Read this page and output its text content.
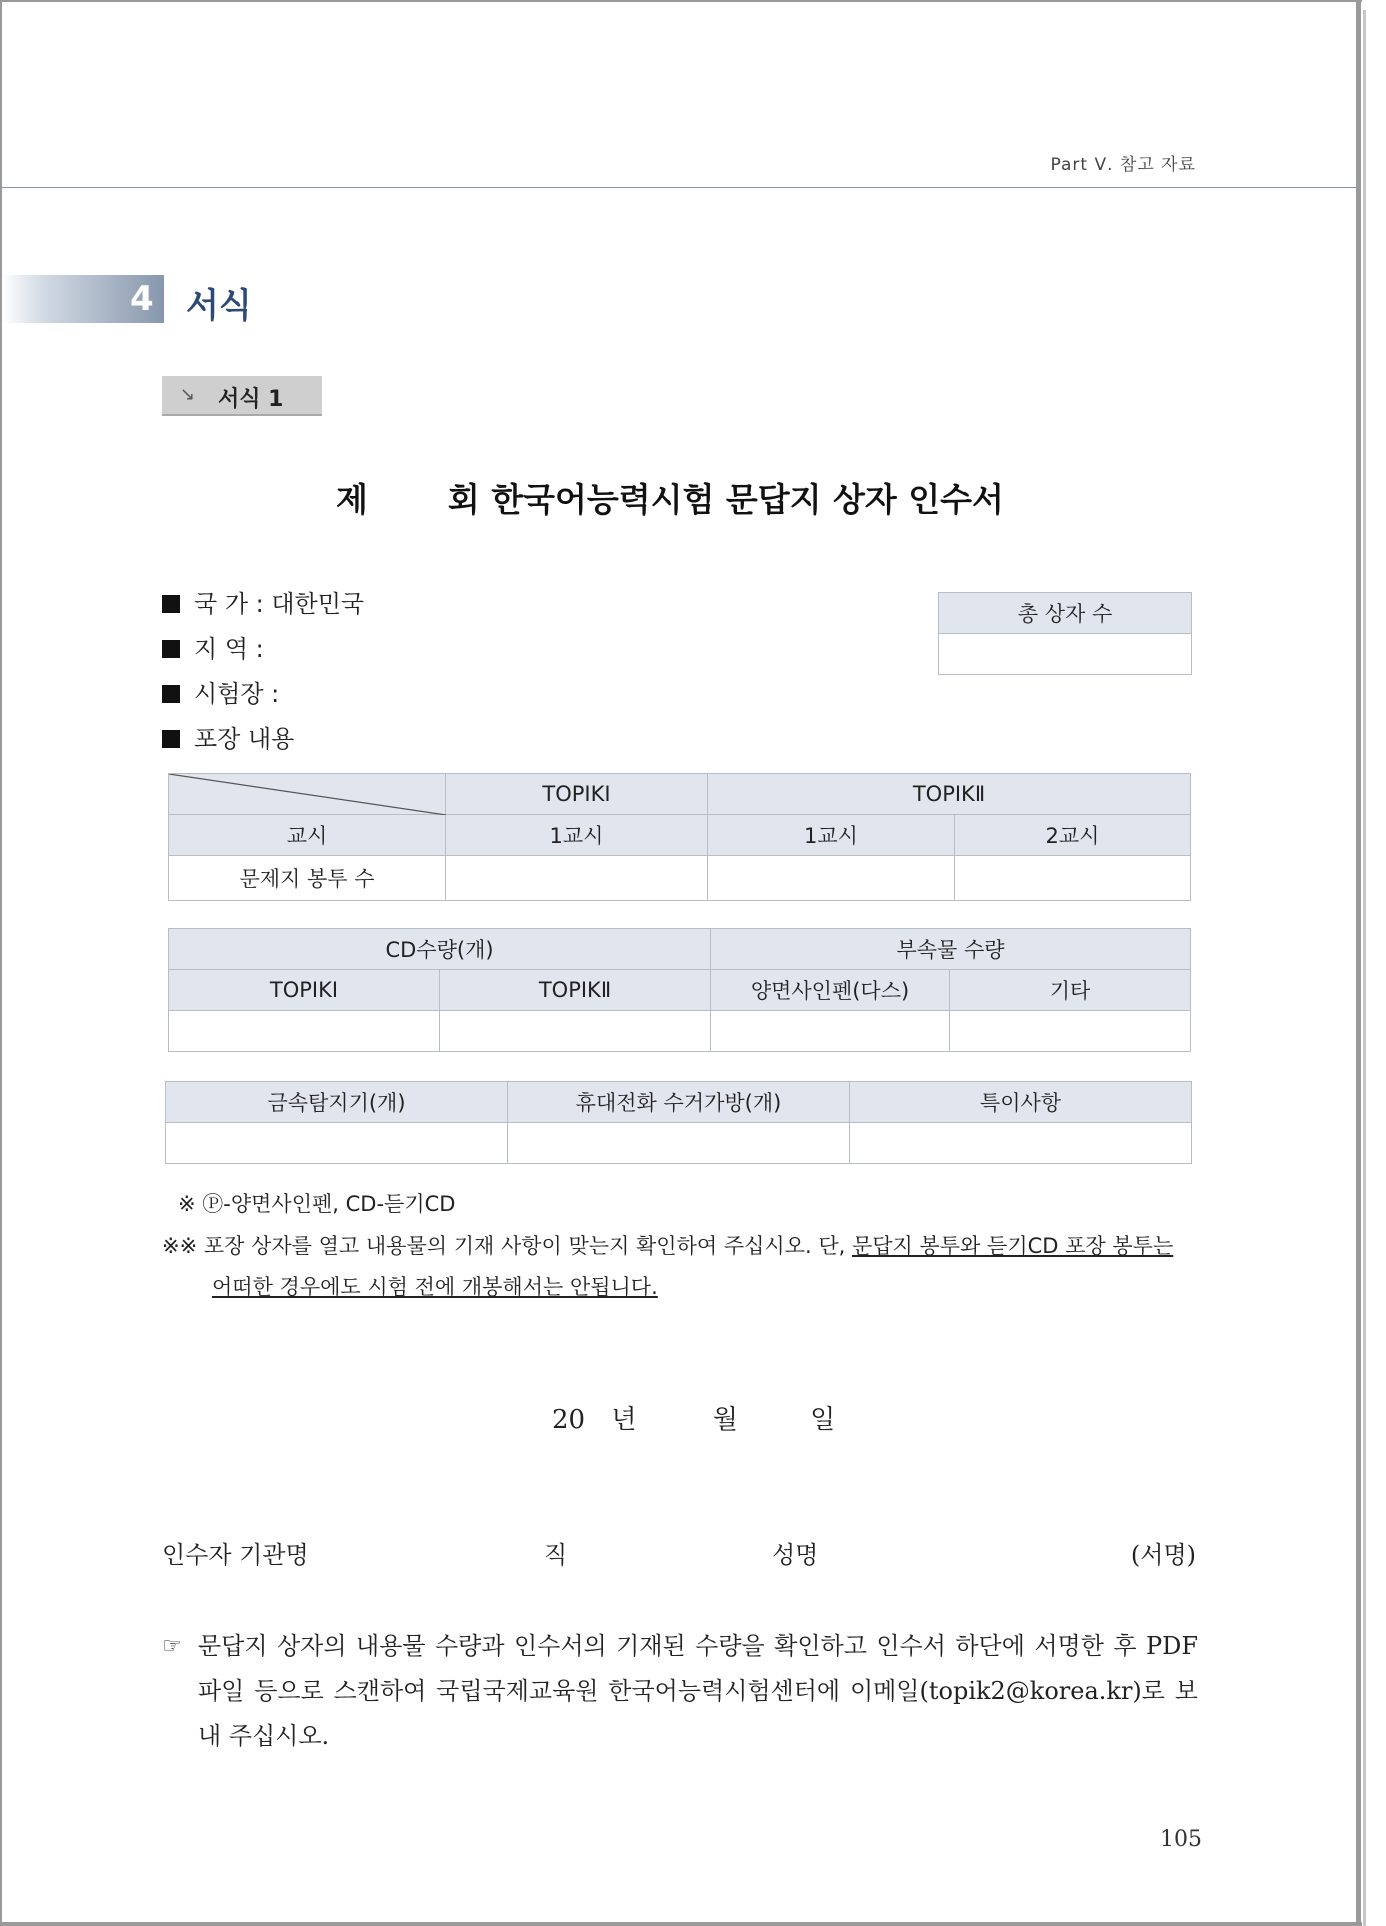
Part Ⅴ. 참고 자료
4 서식
↘ 서식 1
제 회 한국어능력시험 문답지 상자 인수서
국 가 : 대한민국
지 역 :
시험장 :
포장 내용
총 상자 수

	TOPIKⅠ	TOPIKⅡ	
교시	1교시	1교시	2교시
문제지 봉투 수			
CD수량(개)		부속물 수량	
TOPIKⅠ	TOPIKⅡ	양면사인펜(다스)	기타

금속탐지기(개)	휴대전화 수거가방(개)	특이사항

※ Ⓟ-양면사인펜, CD-듣기CD
※※ 포장 상자를 열고 내용물의 기재 사항이 맞는지 확인하여 주십시오. 단, 문답지 봉투와 듣기CD 포장 봉투는
어떠한 경우에도 시험 전에 개봉해서는 안됩니다.
20 년	월	일
인수자 기관명	직	성명	(서명)
☞ 문답지 상자의 내용물 수량과 인수서의 기재된 수량을 확인하고 인수서 하단에 서명한 후 PDF 파일 등으로 스캔하여 국립국제교육원 한국어능력시험센터에 이메일(topik2@korea.kr)로 보내 주십시오.
105
